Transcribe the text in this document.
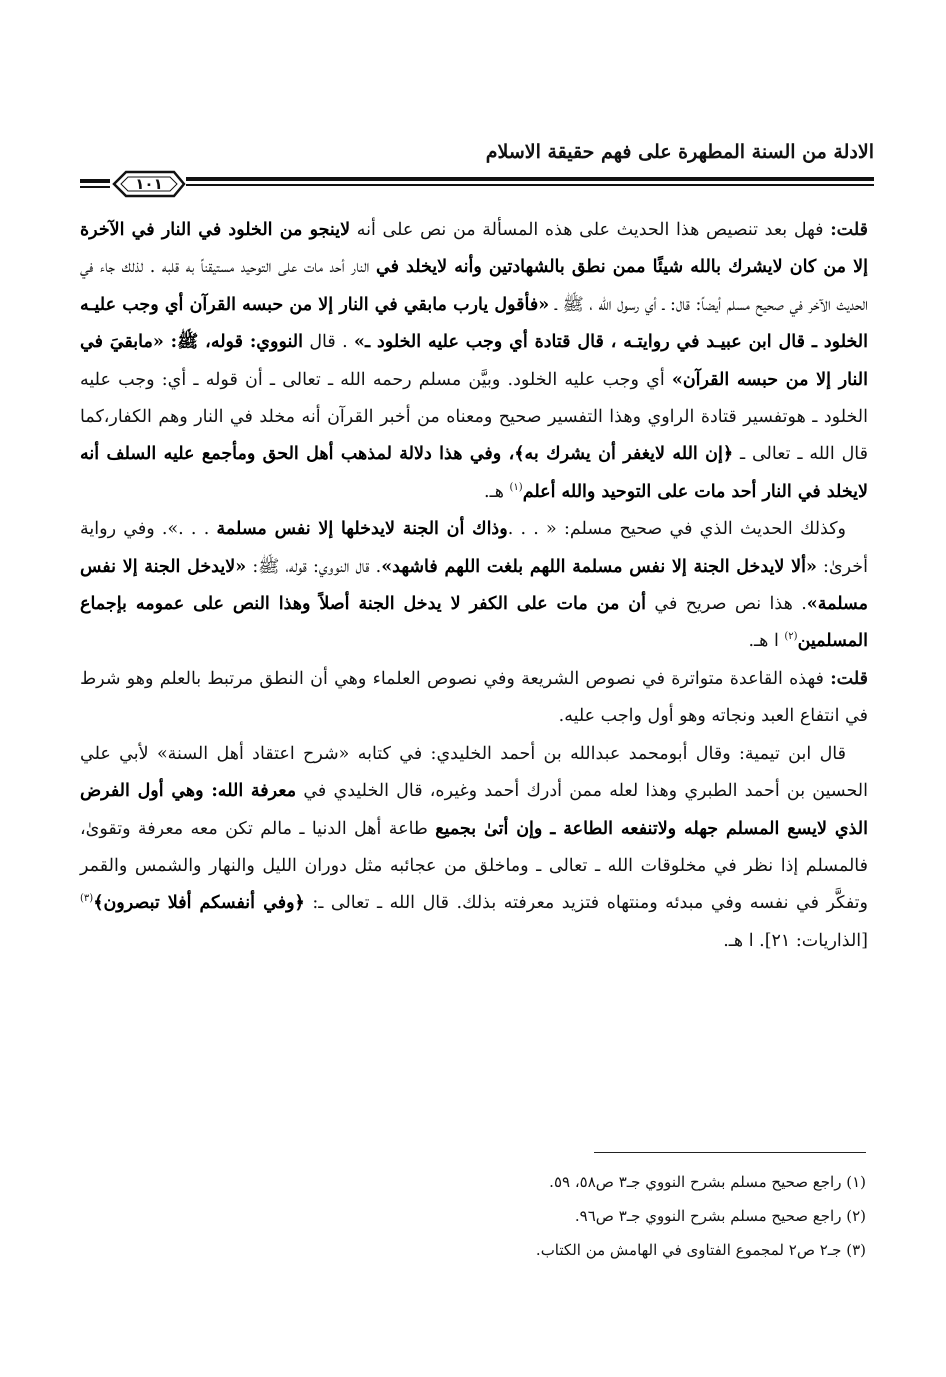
الادلة من السنة المطهرة على فهم حقيقة الاسلام
١٠١

قلت: فهل بعد تنصيص هذا الحديث على هذه المسألة من نص على أنه لاينجو من الخلود في النار في الآخرة إلا من كان لايشرك بالله شيئًا ممن نطق بالشهادتين وأنه لايخلد في النار أحد مات على التوحيد مستيقناً به قلبه . لذلك جاء في الحديث الآخر في صحيح مسلم أيضاً: قال: ـ أي رسول الله ، ﷺ ـ «فأقول يارب مابقي في النار إلا من حبسه القرآن أي وجب عليـه الخلود ـ قال ابن عبيـد في روايتـه ، قال قتادة أي وجب عليه الخلود ـ» . قال النووي: قوله، ﷺ: «مابقيَ في النار إلا من حبسه القرآن» أي وجب عليه الخلود. وبيَّن مسلم رحمه الله ـ تعالى ـ أن قوله ـ أي: وجب عليه الخلود ـ هوتفسير قتادة الراوي وهذا التفسير صحيح ومعناه من أخبر القرآن أنه مخلد في النار وهم الكفار،كما قال الله ـ تعالى ـ ﴿إن الله لايغفر أن يشرك به﴾، وفي هذا دلالة لمذهب أهل الحق ومأجمع عليه السلف أنه لايخلد في النار أحد مات على التوحيد والله أعلم$^{(١)}$ هـ.

وكذلك الحديث الذي في صحيح مسلم: « . . .وذاك أن الجنة لايدخلها إلا نفس مسلمة . . .». وفي رواية أخرىٰ: «ألا لايدخل الجنة إلا نفس مسلمة اللهم بلغت اللهم فاشهد». قال النووي: قوله، ﷺ: «لايدخل الجنة إلا نفس مسلمة». هذا نص صريح في أن من مات على الكفر لا يدخل الجنة أصلاً وهذا النص على عمومه بإجماع المسلمين$^{(٢)}$ ا هـ.

قلت: فهذه القاعدة متواترة في نصوص الشريعة وفي نصوص العلماء وهي أن النطق مرتبط بالعلم وهو شرط في انتفاع العبد ونجاته وهو أول واجب عليه.

قال ابن تيمية: وقال أبومحمد عبدالله بن أحمد الخليدي: في كتابه «شرح اعتقاد أهل السنة» لأبي علي الحسين بن أحمد الطبري وهذا لعله ممن أدرك أحمد وغيره، قال الخليدي في معرفة الله: وهي أول الفرض الذي لايسع المسلم جهله ولاتنفعه الطاعة ـ وإن أتىٰ بجميع طاعة أهل الدنيا ـ مالم تكن معه معرفة وتقوىٰ، فالمسلم إذا نظر في مخلوقات الله ـ تعالى ـ وماخلق من عجائبه مثل دوران الليل والنهار والشمس والقمر وتفكَّر في نفسه وفي مبدئه ومنتهاه فتزيد معرفته بذلك. قال الله ـ تعالى ـ: ﴿وفي أنفسكم أفلا تبصرون﴾$^{(٣)}$ [الذاريات: ٢١]. ا هـ.

(١) راجع صحيح مسلم بشرح النووي جـ٣ ص٥٨، ٥٩.
(٢) راجع صحيح مسلم بشرح النووي جـ٣ ص٩٦.
(٣) جـ٢ ص٢ لمجموع الفتاوى في الهامش من الكتاب.
